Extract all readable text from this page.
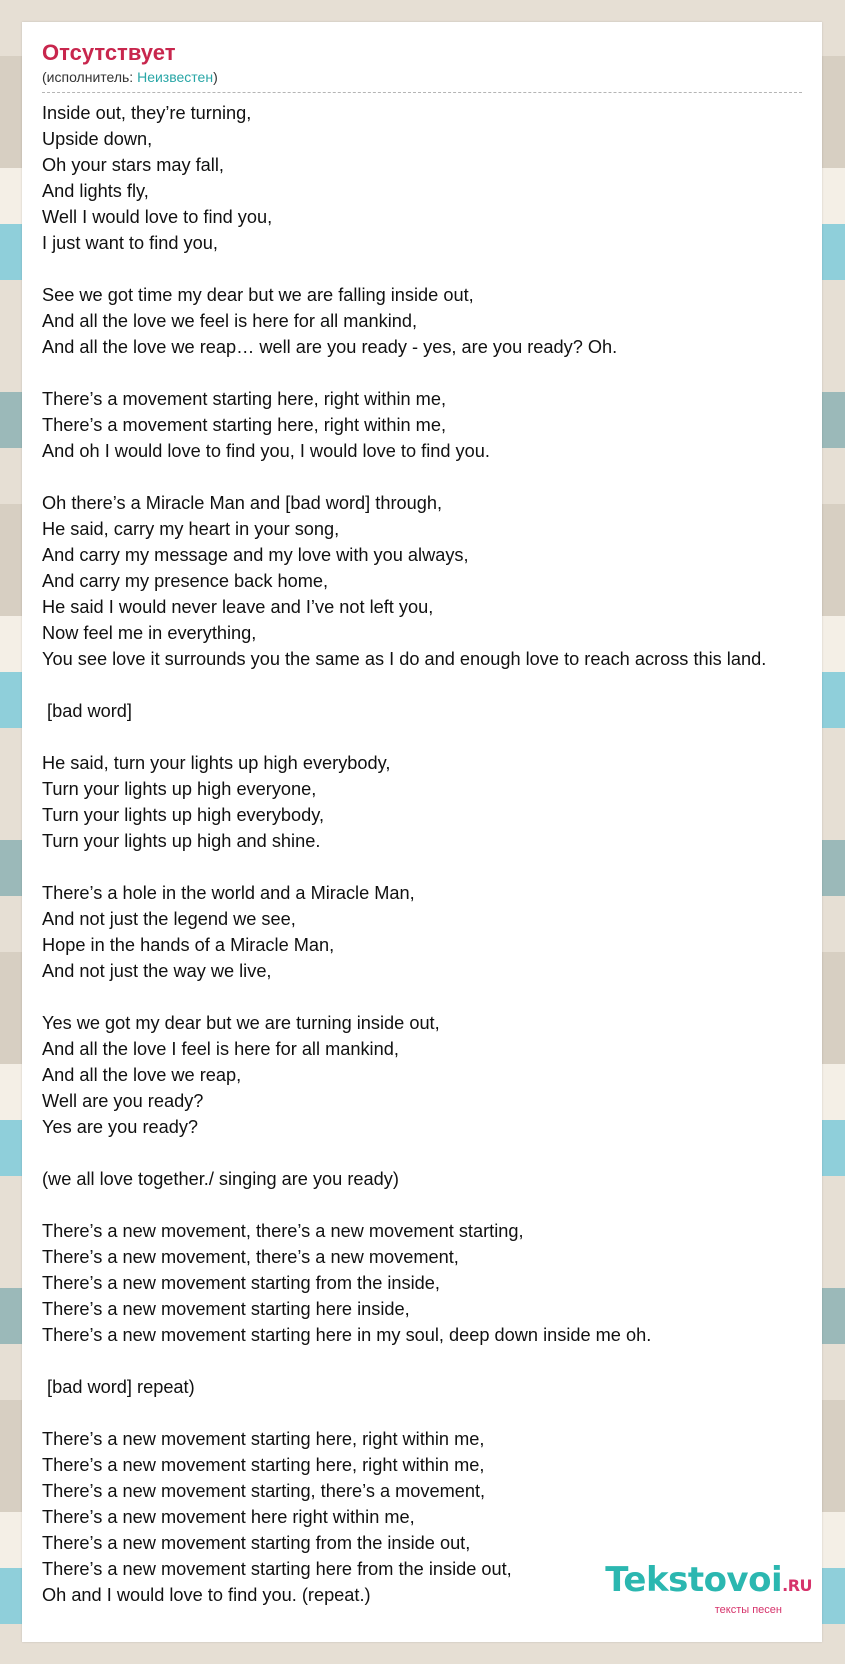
Отсутствует
(исполнитель: Неизвестен)
Inside out, they’re turning,
Upside down,
Oh your stars may fall,
And lights fly,
Well I would love to find you,
I just want to find you,
See we got time my dear but we are falling inside out,
And all the love we feel is here for all mankind,
And all the love we reap… well are you ready - yes, are you ready? Oh.
There’s a movement starting here, right within me,
There’s a movement starting here, right within me,
And oh I would love to find you, I would love to find you.
Oh there’s a Miracle Man and [bad word] through,
He said, carry my heart in your song,
And carry my message and my love with you always,
And carry my presence back home,
He said I would never leave and I’ve not left you,
Now feel me in everything,
You see love it surrounds you the same as I do and enough love to reach across this land.
[bad word]
He said, turn your lights up high everybody,
Turn your lights up high everyone,
Turn your lights up high everybody,
Turn your lights up high and shine.
There’s a hole in the world and a Miracle Man,
And not just the legend we see,
Hope in the hands of a Miracle Man,
And not just the way we live,
Yes we got my dear but we are turning inside out,
And all the love I feel is here for all mankind,
And all the love we reap,
Well are you ready?
Yes are you ready?
(we all love together./ singing are you ready)
There’s a new movement, there’s a new movement starting,
There’s a new movement, there’s a new movement,
There’s a new movement starting from the inside,
There’s a new movement starting here inside,
There’s a new movement starting here in my soul, deep down inside me oh.
[bad word] repeat)
There’s a new movement starting here, right within me,
There’s a new movement starting here, right within me,
There’s a new movement starting, there’s a movement,
There’s a new movement here right within me,
There’s a new movement starting from the inside out,
There’s a new movement starting here from the inside out,
Oh and I would love to find you. (repeat.)	Tekstovoi.RU
тексты песен
